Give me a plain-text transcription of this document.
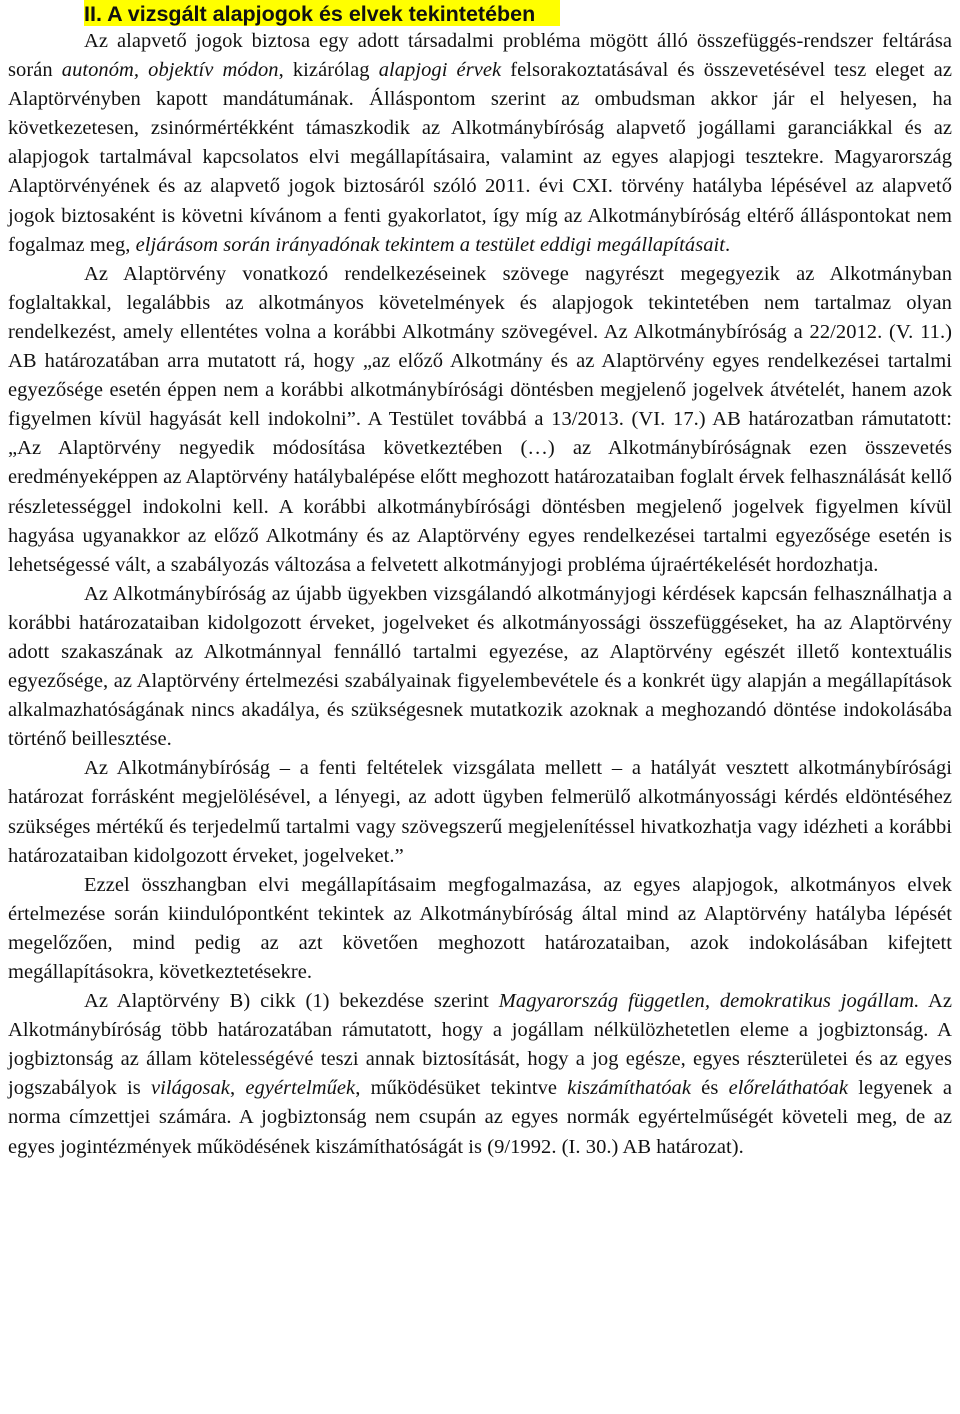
II. A vizsgált alapjogok és elvek tekintetében

Az alapvető jogok biztosa egy adott társadalmi probléma mögött álló összefüggés-rendszer feltárása során autonóm, objektív módon, kizárólag alapjogi érvek felsorakoztatásával és összevetésével tesz eleget az Alaptörvényben kapott mandátumának. Álláspontom szerint az ombudsman akkor jár el helyesen, ha következetesen, zsinórmértékként támaszkodik az Alkotmánybíróság alapvető jogállami garanciákkal és az alapjogok tartalmával kapcsolatos elvi megállapításaira, valamint az egyes alapjogi tesztekre. Magyarország Alaptörvényének és az alapvető jogok biztosáról szóló 2011. évi CXI. törvény hatályba lépésével az alapvető jogok biztosaként is követni kívánom a fenti gyakorlatot, így míg az Alkotmánybíróság eltérő álláspontokat nem fogalmaz meg, eljárásom során irányadónak tekintem a testület eddigi megállapításait.

Az Alaptörvény vonatkozó rendelkezéseinek szövege nagyrészt megegyezik az Alkotmányban foglaltakkal, legalábbis az alkotmányos követelmények és alapjogok tekintetében nem tartalmaz olyan rendelkezést, amely ellentétes volna a korábbi Alkotmány szövegével. Az Alkotmánybíróság a 22/2012. (V. 11.) AB határozatában arra mutatott rá, hogy „az előző Alkotmány és az Alaptörvény egyes rendelkezései tartalmi egyezősége esetén éppen nem a korábbi alkotmánybírósági döntésben megjelenő jogelvek átvételét, hanem azok figyelmen kívül hagyását kell indokolni”. A Testület továbbá a 13/2013. (VI. 17.) AB határozatban rámutatott: „Az Alaptörvény negyedik módosítása következtében (…) az Alkotmánybíróságnak ezen összevetés eredményeképpen az Alaptörvény hatálybalépése előtt meghozott határozataiban foglalt érvek felhasználását kellő részletességgel indokolni kell. A korábbi alkotmánybírósági döntésben megjelenő jogelvek figyelmen kívül hagyása ugyanakkor az előző Alkotmány és az Alaptörvény egyes rendelkezései tartalmi egyezősége esetén is lehetségessé vált, a szabályozás változása a felvetett alkotmányjogi probléma újraértékelését hordozhatja.

Az Alkotmánybíróság az újabb ügyekben vizsgálandó alkotmányjogi kérdések kapcsán felhasználhatja a korábbi határozataiban kidolgozott érveket, jogelveket és alkotmányossági összefüggéseket, ha az Alaptörvény adott szakaszának az Alkotmánnyal fennálló tartalmi egyezése, az Alaptörvény egészét illető kontextuális egyezősége, az Alaptörvény értelmezési szabályainak figyelembevétele és a konkrét ügy alapján a megállapítások alkalmazhatóságának nincs akadálya, és szükségesnek mutatkozik azoknak a meghozandó döntése indokolásába történő beillesztése.

Az Alkotmánybíróság – a fenti feltételek vizsgálata mellett – a hatályát vesztett alkotmánybírósági határozat forrásként megjelölésével, a lényegi, az adott ügyben felmerülő alkotmányossági kérdés eldöntéséhez szükséges mértékű és terjedelmű tartalmi vagy szövegszerű megjelenítéssel hivatkozhatja vagy idézheti a korábbi határozataiban kidolgozott érveket, jogelveket.”

Ezzel összhangban elvi megállapításaim megfogalmazása, az egyes alapjogok, alkotmányos elvek értelmezése során kiindulópontként tekintek az Alkotmánybíróság által mind az Alaptörvény hatályba lépését megelőzően, mind pedig az azt követően meghozott határozataiban, azok indokolásában kifejtett megállapításokra, következtetésekre.

Az Alaptörvény B) cikk (1) bekezdése szerint Magyarország független, demokratikus jogállam. Az Alkotmánybíróság több határozatában rámutatott, hogy a jogállam nélkülözhetetlen eleme a jogbiztonság. A jogbiztonság az állam kötelességévé teszi annak biztosítását, hogy a jog egésze, egyes részterületei és az egyes jogszabályok is világosak, egyértelműek, működésüket tekintve kiszámíthatóak és előreláthatóak legyenek a norma címzettjei számára. A jogbiztonság nem csupán az egyes normák egyértelműségét követeli meg, de az egyes jogintézmények működésének kiszámíthatóságát is (9/1992. (I. 30.) AB határozat).
